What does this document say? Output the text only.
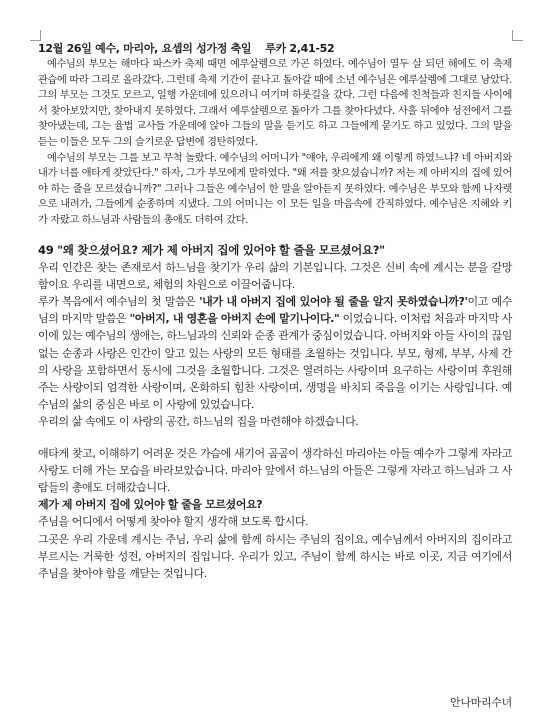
12월 26일 예수, 마리아, 요셉의 성가정 축일 루카 2,41-52

예수님의 부모는 해마다 파스카 축제 때면 예루살렘으로 가곤 하였다. 예수님이 열두 살 되던 해에도 이 축제 관습에 따라 그리로 올라갔다. 그런데 축제 기간이 끝나고 돌아갈 때에 소년 예수님은 예루살렘에 그대로 남았다. 그의 부모는 그것도 모르고, 일행 가운데에 있으려니 여기며 하룻길을 갔다. 그런 다음에 친척들과 친지들 사이에서 찾아보았지만, 찾아내지 못하였다. 그래서 예루살렘으로 돌아가 그를 찾아다녔다. 사흘 뒤에야 성전에서 그를 찾아냈는데, 그는 율법 교사들 가운데에 앉아 그들의 말을 듣기도 하고 그들에게 묻기도 하고 있었다. 그의 말을 듣는 이들은 모두 그의 슬기로운 답변에 경탄하였다.

예수님의 부모는 그를 보고 무척 놀랐다. 예수님의 어머니가 "얘야, 우리에게 왜 이렇게 하였느냐? 네 아버지와 내가 너를 애타게 찾았단다." 하자, 그가 부모에게 말하였다. "왜 저를 찾으셨습니까? 저는 제 아버지의 집에 있어야 하는 줄을 모르셨습니까?" 그러나 그들은 예수님이 한 말을 알아듣지 못하였다. 예수님은 부모와 함께 나자렛으로 내려가, 그들에게 순종하며 지냈다. 그의 어머니는 이 모든 일을 마음속에 간직하였다. 예수님은 지혜와 키가 자랐고 하느님과 사람들의 총애도 더하여 갔다.

49 "왜 찾으셨어요? 제가 제 아버지 집에 있어야 할 줄을 모르셨어요?"

우리 인간은 찾는 존재로서 하느님을 찾기가 우리 삶의 기본입니다. 그것은 신비 속에 계시는 분을 갈망함이요 우리를 내면으로, 체험의 차원으로 이끌어줍니다.

루카 복음에서 예수님의 첫 말씀은 '내가 내 아버지 집에 있어야 될 줄을 알지 못하였습니까?'이고 예수님의 마지막 말씀은 "아버지, 내 영혼을 아버지 손에 맡기나이다." 이었습니다. 이처럼 처음과 마지막 사이에 있는 예수님의 생애는, 하느님과의 신뢰와 순종 관계가 중심이었습니다. 아버지와 아들 사이의 끊임없는 순종과 사랑은 인간이 알고 있는 사랑의 모든 형태를 초월하는 것입니다. 부모, 형제, 부부, 사제 간의 사랑을 포함하면서 동시에 그것을 초월합니다. 그것은 열려하는 사랑이며 요구하는 사랑이며 후원해 주는 사랑이되 엄격한 사랑이며, 온화하되 힘찬 사랑이며, 생명을 바치되 죽음을 이기는 사랑입니다. 예수님의 삶의 중심은 바로 이 사랑에 있었습니다.

우리의 삶 속에도 이 사랑의 공간, 하느님의 집을 마련해야 하겠습니다.

애타게 찾고, 이해하기 어려운 것은 가슴에 새기어 곰곰이 생각하신 마리아는 아들 예수가 그렇게 자라고 사랑도 더해 가는 모습을 바라보았습니다. 마리아 앞에서 하느님의 아들은 그렇게 자라고 하느님과 그 사람들의 총애도 더해갔습니다.

제가 제 아버지 집에 있어야 할 줄을 모르셨어요?

주님을 어디에서 어떻게 찾아야 할지 생각해 보도록 합시다.

그곳은 우리 가운데 계시는 주님, 우리 삶에 함께 하시는 주님의 집이요, 예수님께서 아버지의 집이라고 부르시는 거룩한 성전, 아버지의 집입니다. 우리가 있고, 주님이 함께 하시는 바로 이곳, 지금 여기에서 주님을 찾아야 함을 깨닫는 것입니다.

안나마리수녀
